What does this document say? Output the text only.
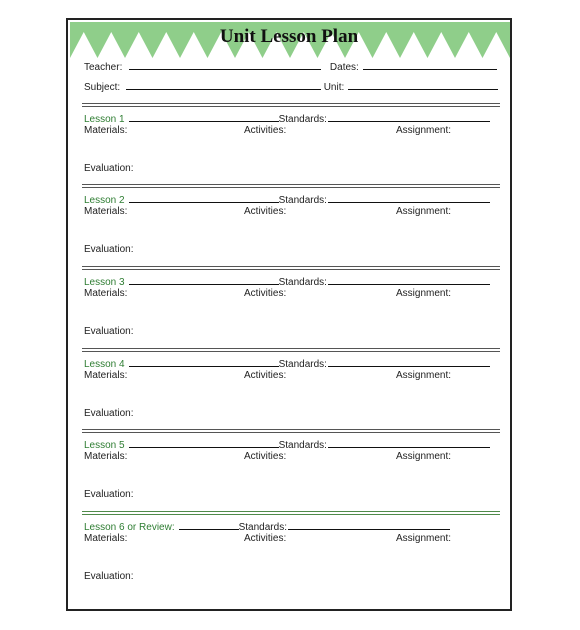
Unit Lesson Plan
Teacher:	Dates:
Subject:	Unit:
Lesson 1	Standards:
Materials:	Activities:	Assignment:
Evaluation:
Lesson 2	Standards:
Materials:	Activities:	Assignment:
Evaluation:
Lesson 3	Standards:
Materials:	Activities:	Assignment:
Evaluation:
Lesson 4	Standards:
Materials:	Activities:	Assignment:
Evaluation:
Lesson 5	Standards:
Materials:	Activities:	Assignment:
Evaluation:
Lesson 6 or Review:	Standards:
Materials:	Activities:	Assignment:
Evaluation:
